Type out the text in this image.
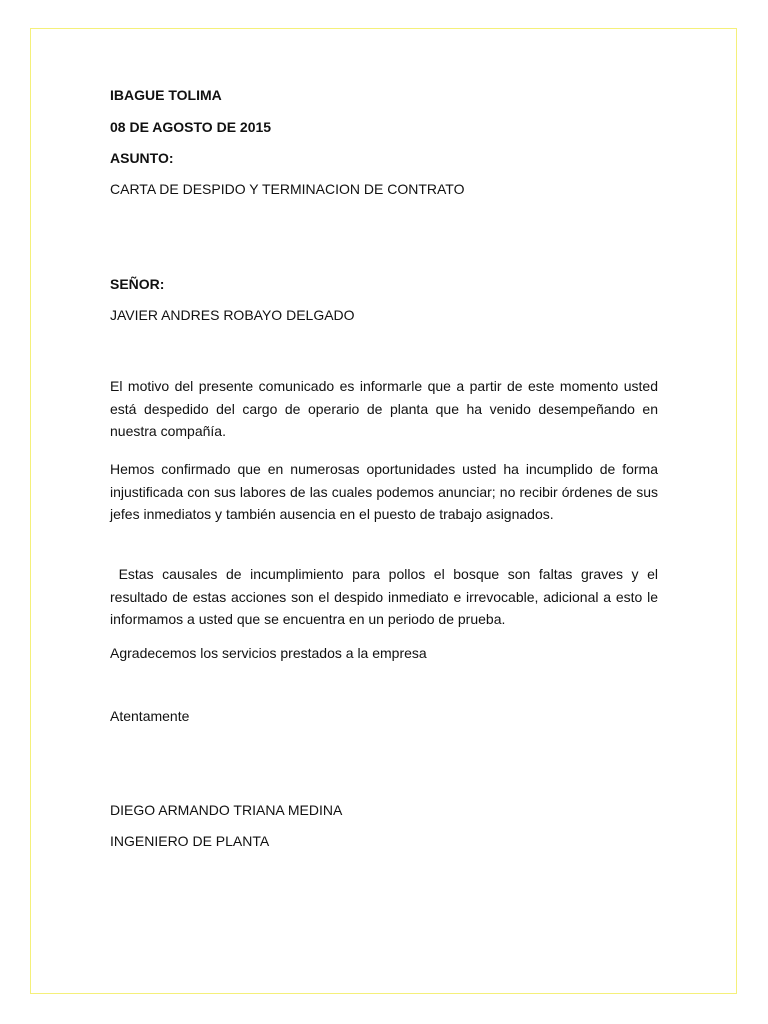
IBAGUE TOLIMA
08 DE AGOSTO DE 2015
ASUNTO:
CARTA DE DESPIDO Y TERMINACION DE CONTRATO
SEÑOR:
JAVIER ANDRES ROBAYO DELGADO
El motivo del presente comunicado es informarle que a partir de este momento usted está despedido del cargo de operario de planta que ha venido desempeñando en nuestra compañía.
Hemos confirmado que en numerosas oportunidades usted ha incumplido de forma injustificada con sus labores de las cuales podemos anunciar; no recibir órdenes de sus jefes inmediatos y también ausencia en el puesto de trabajo asignados.
Estas causales de incumplimiento para pollos el bosque son faltas graves y el resultado de estas acciones son el despido inmediato e irrevocable, adicional a esto le informamos a usted que se encuentra en un periodo de prueba.
Agradecemos los servicios prestados a la empresa
Atentamente
DIEGO ARMANDO TRIANA MEDINA
INGENIERO DE PLANTA
